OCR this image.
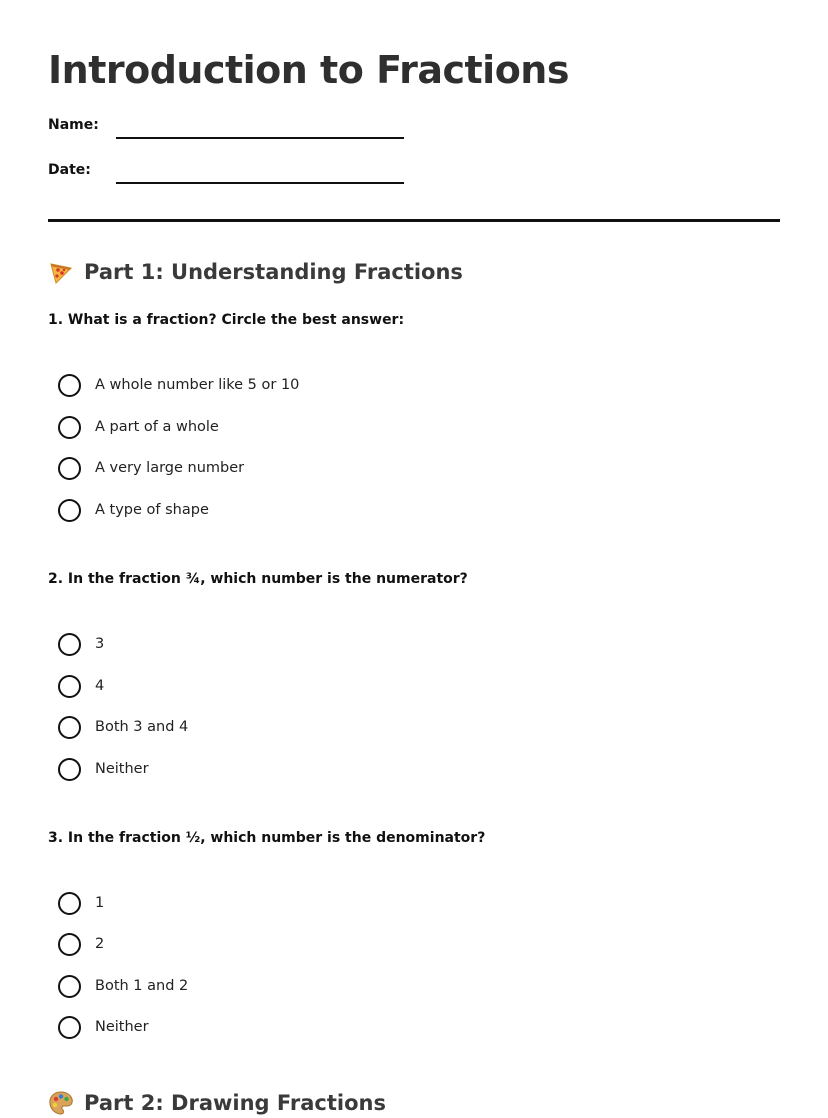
Introduction to Fractions
Name:
Date:
Part 1: Understanding Fractions

1. What is a fraction? Circle the best answer:

A whole number like 5 or 10
A part of a whole
A very large number
A type of shape

2. In the fraction ¾, which number is the numerator?

3
4
Both 3 and 4
Neither

3. In the fraction ½, which number is the denominator?

1
2
Both 1 and 2
Neither
Part 2: Drawing Fractions
